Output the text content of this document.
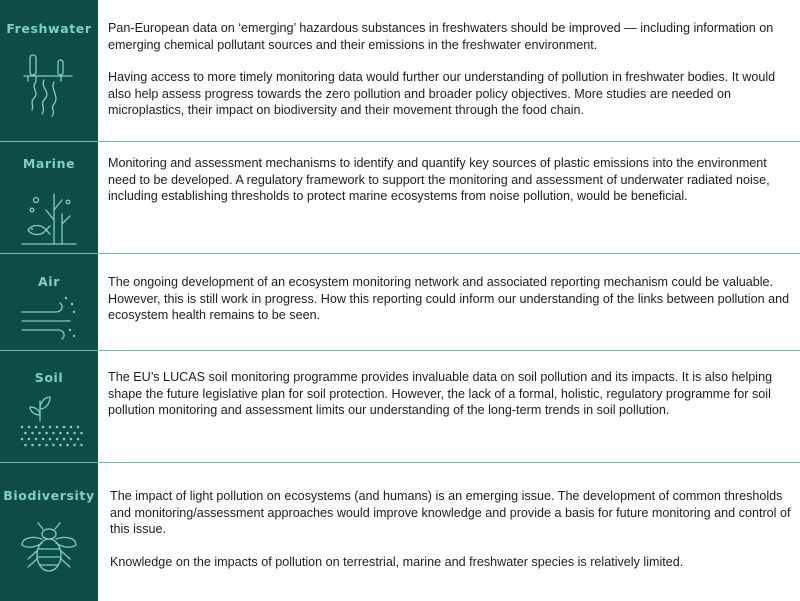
Freshwater	Pan-European data on ‘emerging’ hazardous substances in freshwaters should be improved — including information on emerging chemical pollutant sources and their emissions in the freshwater environment.

Having access to more timely monitoring data would further our understanding of pollution in freshwater bodies. It would also help assess progress towards the zero pollution and broader policy objectives. More studies are needed on microplastics, their impact on biodiversity and their movement through the food chain.

Marine	Monitoring and assessment mechanisms to identify and quantify key sources of plastic emissions into the environment need to be developed. A regulatory framework to support the monitoring and assessment of underwater radiated noise, including establishing thresholds to protect marine ecosystems from noise pollution, would be beneficial.

Air	The ongoing development of an ecosystem monitoring network and associated reporting mechanism could be valuable. However, this is still work in progress. How this reporting could inform our understanding of the links between pollution and ecosystem health remains to be seen.

Soil	The EU’s LUCAS soil monitoring programme provides invaluable data on soil pollution and its impacts. It is also helping shape the future legislative plan for soil protection. However, the lack of a formal, holistic, regulatory programme for soil pollution monitoring and assessment limits our understanding of the long-term trends in soil pollution.

Biodiversity The impact of light pollution on ecosystems (and humans) is an emerging issue. The development of common thresholds and monitoring/assessment approaches would improve knowledge and provide a basis for future monitoring and control of this issue.

Knowledge on the impacts of pollution on terrestrial, marine and freshwater species is relatively limited.
